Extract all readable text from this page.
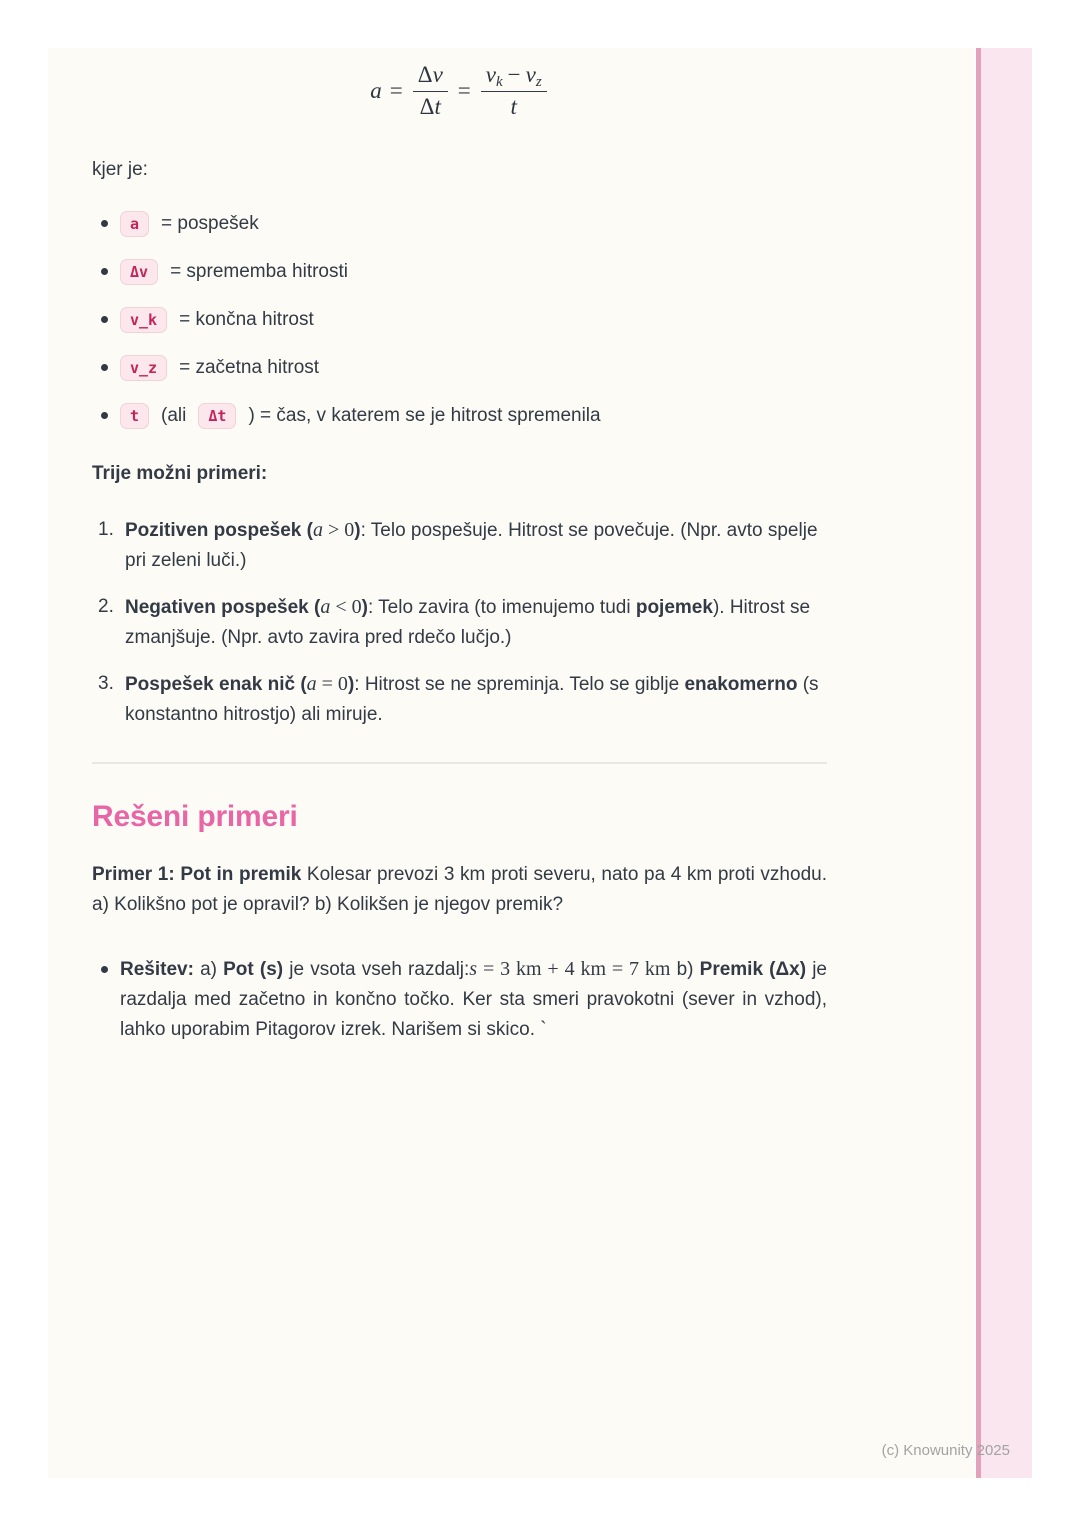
$a = \frac{\Delta v}{\Delta t} = \frac{vk - vz}{t}$

kjer je:

a	= pospešek
Δv	= sprememba hitrosti
v_k	= končna hitrost
v_z	= začetna hitrost
t	(ali	Δt	) = čas, v katerem se je hitrost spremenila

Trije možni primeri:

1. Pozitiven pospešek (a > 0): Telo pospešuje. Hitrost se povečuje. (Npr. avto spelje pri zeleni luči.)
2. Negativen pospešek (a < 0): Telo zavira (to imenujemo tudi pojemek). Hitrost se zmanjšuje. (Npr. avto zavira pred rdečo lučjo.)
3. Pospešek enak nič (a = 0): Hitrost se ne spreminja. Telo se giblje enakomerno (s konstantno hitrostjo) ali miruje.
Rešeni primeri

Primer 1: Pot in premik Kolesar prevozi 3 km proti severu, nato pa 4 km proti vzhodu. a) Kolikšno pot je opravil? b) Kolikšen je njegov premik?

Rešitev: a) Pot (s) je vsota vseh razdalj:s = 3 km + 4 km = 7 km b) Premik (Δx) je razdalja med začetno in končno točko. Ker sta smeri pravokotni (sever in vzhod), lahko uporabim Pitagorov izrek. Narišem si skico. `
(c) Knowunity 2025
